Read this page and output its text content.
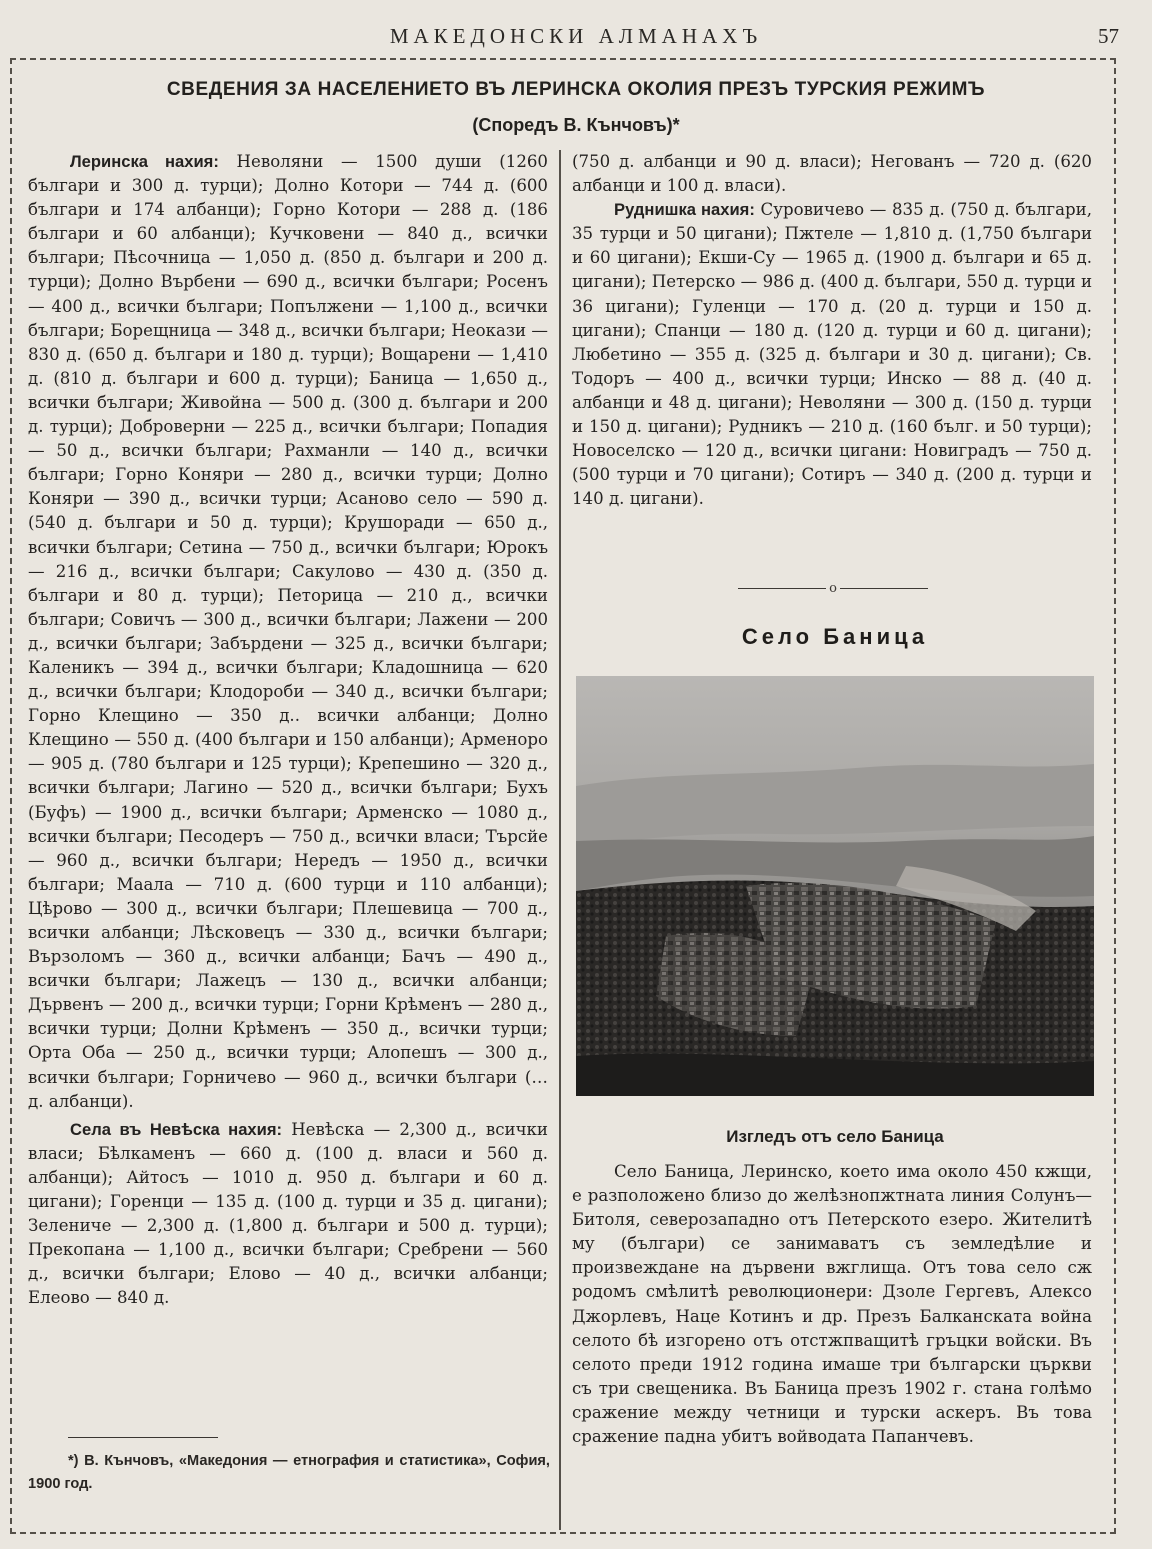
МАКЕДОНСКИ АЛМАНАХЪ	57
СВЕДЕНИЯ ЗА НАСЕЛЕНИЕТО ВЪ ЛЕРИНСКА ОКОЛИЯ ПРЕЗЪ ТУРСКИЯ РЕЖИМЪ
(Споредъ В. Кънчовъ)*

Леринска нахия: Неволяни — 1500 души (1260 българи и 300 д. турци); Долно Котори — 744 д. (600 българи и 174 албанци); Горно Котори — 288 д. (186 българи и 60 албанци); Кучковени — 840 д., всички българи; Пѣсочница — 1,050 д. (850 д. българи и 200 д. турци); Долно Върбени — 690 д., всички българи; Росенъ — 400 д., всички българи; Попължени — 1,100 д., всички българи; Борещница — 348 д., всички българи; Неокази — 830 д. (650 д. българи и 180 д. турци); Вощарени — 1,410 д. (810 д. българи и 600 д. турци); Баница — 1,650 д., всички българи; Живойна — 500 д. (300 д. българи и 200 д. турци); Доброверни — 225 д., всички българи; Попадия — 50 д., всички българи; Рахманли — 140 д., всички българи; Горно Коняри — 280 д., всички турци; Долно Коняри — 390 д., всички турци; Асаново село — 590 д. (540 д. българи и 50 д. турци); Крушоради — 650 д., всички българи; Сетина — 750 д., всички българи; Юрокъ — 216 д., всички българи; Сакулово — 430 д. (350 д. българи и 80 д. турци); Петорица — 210 д., всички българи; Совичъ — 300 д., всички българи; Лажени — 200 д., всички българи; Забърдени — 325 д., всички българи; Каленикъ — 394 д., всички българи; Кладошница — 620 д., всички българи; Клодороби — 340 д., всички българи; Горно Клещино — 350 д.. всички албанци; Долно Клещино — 550 д. (400 българи и 150 албанци); Арменоро — 905 д. (780 българи и 125 турци); Крепешино — 320 д., всички българи; Лагино — 520 д., всички българи; Бухъ (Буфъ) — 1900 д., всички българи; Арменско — 1080 д., всички българи; Песодеръ — 750 д., всички власи; Търсйе — 960 д., всички българи; Нередъ — 1950 д., всички българи; Маала — 710 д. (600 турци и 110 албанци); Цѣрово — 300 д., всички българи; Плешевица — 700 д., всички албанци; Лѣсковецъ — 330 д., всички българи; Вързоломъ — 360 д., всички албанци; Бачъ — 490 д., всички българи; Лажецъ — 130 д., всички албанци; Дървенъ — 200 д., всички турци; Горни Крѣменъ — 280 д., всички турци; Долни Крѣменъ — 350 д., всички турци; Орта Оба — 250 д., всички турци; Алопешъ — 300 д., всички българи; Горничево — 960 д., всички българи (… д. албанци).

Села въ Невѣска нахия: Невѣска — 2,300 д., всички власи; Бѣлкаменъ — 660 д. (100 д. власи и 560 д. албанци); Айтосъ — 1010 д. 950 д. българи и 60 д. цигани); Горенци — 135 д. (100 д. турци и 35 д. цигани); Зелениче — 2,300 д. (1,800 д. българи и 500 д. турци); Прекопана — 1,100 д., всички българи; Сребрени — 560 д., всички българи; Елово — 40 д., всички албанци; Елеово — 840 д.

*) В. Кънчовъ, «Македония — етнография и статистика», София, 1900 год.

(750 д. албанци и 90 д. власи); Негованъ — 720 д. (620 албанци и 100 д. власи).

Руднишка нахия: Суровичево — 835 д. (750 д. българи, 35 турци и 50 цигани); Пжтеле — 1,810 д. (1,750 българи и 60 цигани); Екши-Су — 1965 д. (1900 д. българи и 65 д. цигани); Петерско — 986 д. (400 д. българи, 550 д. турци и 36 цигани); Гуленци — 170 д. (20 д. турци и 150 д. цигани); Спанци — 180 д. (120 д. турци и 60 д. цигани); Любетино — 355 д. (325 д. българи и 30 д. цигани); Св. Тодоръ — 400 д., всички турци; Инско — 88 д. (40 д. албанци и 48 д. цигани); Неволяни — 300 д. (150 д. турци и 150 д. цигани); Рудникъ — 210 д. (160 бълг. и 50 турци); Новоселско — 120 д., всички цигани: Новиградъ — 750 д. (500 турци и 70 цигани); Сотиръ — 340 д. (200 д. турци и 140 д. цигани).

o
Село Баница
Изгледъ отъ село Баница

Село Баница, Леринско, което има около 450 кжщи, е разположено близо до желѣзнопжтната линия Солунъ—Битоля, северозападно отъ Петерското езеро. Жителитѣ му (българи) се занимаватъ съ земледѣлие и произвеждане на дървени вжглища. Отъ това село сж родомъ смѣлитѣ революционери: Дзоле Гергевъ, Алексо Джорлевъ, Наце Котинъ и др. Презъ Балканската война селото бѣ изгорено отъ отстжпващитѣ гръцки войски. Въ селото преди 1912 година имаше три български църкви съ три свещеника. Въ Баница презъ 1902 г. стана голѣмо сражение между четници и турски аскеръ. Въ това сражение падна убитъ войводата Папанчевъ.
